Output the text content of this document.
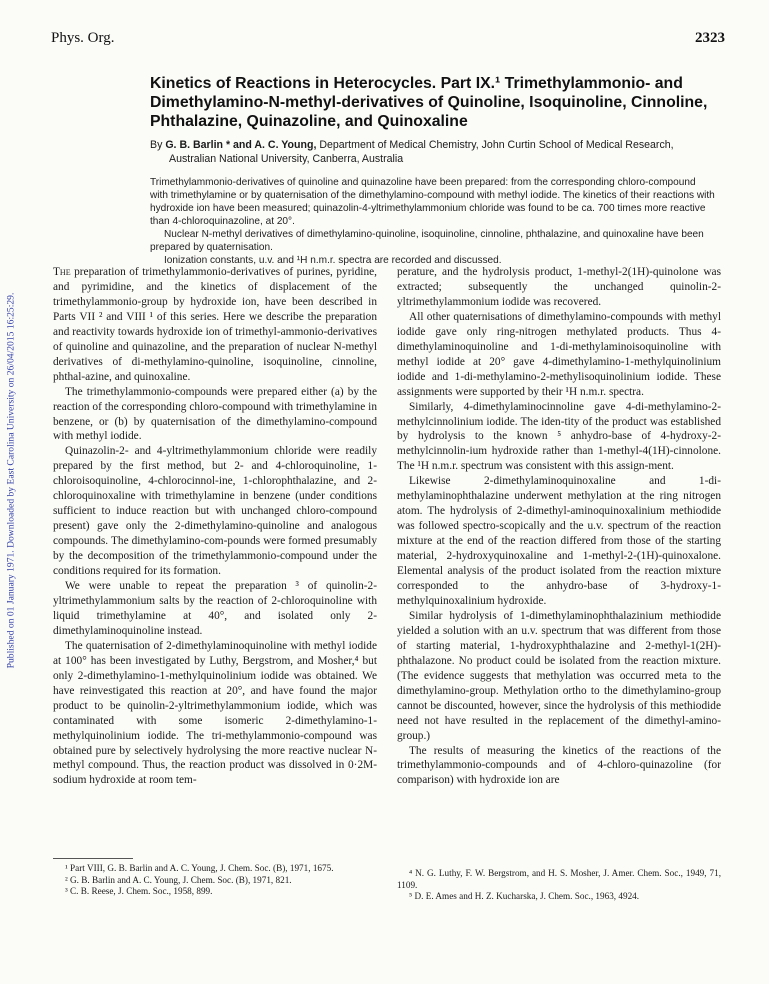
Phys. Org.	2323
Published on 01 January 1971. Downloaded by East Carolina University on 26/04/2015 16:25:29.
Kinetics of Reactions in Heterocycles. Part IX.¹ Trimethylammonio- and Dimethylamino-N-methyl-derivatives of Quinoline, Isoquinoline, Cinnoline, Phthalazine, Quinazoline, and Quinoxaline
By G. B. Barlin * and A. C. Young, Department of Medical Chemistry, John Curtin School of Medical Research,
Australian National University, Canberra, Australia

Trimethylammonio-derivatives of quinoline and quinazoline have been prepared: from the corresponding chloro-compound with trimethylamine or by quaternisation of the dimethylamino-compound with methyl iodide. The kinetics of their reactions with hydroxide ion have been measured; quinazolin-4-yltrimethylammonium chloride was found to be ca. 700 times more reactive than 4-chloroquinazoline, at 20°.

Nuclear N-methyl derivatives of dimethylamino-quinoline, isoquinoline, cinnoline, phthalazine, and quinoxaline have been prepared by quaternisation.

Ionization constants, u.v. and ¹H n.m.r. spectra are recorded and discussed.

The preparation of trimethylammonio-derivatives of purines, pyridine, and pyrimidine, and the kinetics of displacement of the trimethylammonio-group by hydroxide ion, have been described in Parts VII ² and VIII ¹ of this series. Here we describe the preparation and reactivity towards hydroxide ion of trimethyl-ammonio-derivatives of quinoline and quinazoline, and the preparation of nuclear N-methyl derivatives of di-methylamino-quinoline, isoquinoline, cinnoline, phthal-azine, and quinoxaline.

The trimethylammonio-compounds were prepared either (a) by the reaction of the corresponding chloro-compound with trimethylamine in benzene, or (b) by quaternisation of the dimethylamino-compound with methyl iodide.

Quinazolin-2- and 4-yltrimethylammonium chloride were readily prepared by the first method, but 2- and 4-chloroquinoline, 1-chloroisoquinoline, 4-chlorocinnol-ine, 1-chlorophthalazine, and 2-chloroquinoxaline with trimethylamine in benzene (under conditions sufficient to induce reaction but with unchanged chloro-compound present) gave only the 2-dimethylamino-quinoline and analogous compounds. The dimethylamino-com-pounds were formed presumably by the decomposition of the trimethylammonio-compound under the conditions required for its formation.

We were unable to repeat the preparation ³ of quinolin-2-yltrimethylammonium salts by the reaction of 2-chloroquinoline with liquid trimethylamine at 40°, and isolated only 2-dimethylaminoquinoline instead.

The quaternisation of 2-dimethylaminoquinoline with methyl iodide at 100° has been investigated by Luthy, Bergstrom, and Mosher,⁴ but only 2-dimethylamino-1-methylquinolinium iodide was obtained. We have reinvestigated this reaction at 20°, and have found the major product to be quinolin-2-yltrimethylammonium iodide, which was contaminated with some isomeric 2-dimethylamino-1-methylquinolinium iodide. The tri-methylammonio-compound was obtained pure by selectively hydrolysing the more reactive nuclear N-methyl compound. Thus, the reaction product was dissolved in 0·2M-sodium hydroxide at room tem-

perature, and the hydrolysis product, 1-methyl-2(1H)-quinolone was extracted; subsequently the unchanged quinolin-2-yltrimethylammonium iodide was recovered.

All other quaternisations of dimethylamino-compounds with methyl iodide gave only ring-nitrogen methylated products. Thus 4-dimethylaminoquinoline and 1-di-methylaminoisoquinoline with methyl iodide at 20° gave 4-dimethylamino-1-methylquinolinium iodide and 1-di-methylamino-2-methylisoquinolinium iodide. These assignments were supported by their ¹H n.m.r. spectra.

Similarly, 4-dimethylaminocinnoline gave 4-di-methylamino-2-methylcinnolinium iodide. The iden-tity of the product was established by hydrolysis to the known ⁵ anhydro-base of 4-hydroxy-2-methylcinnolin-ium hydroxide rather than 1-methyl-4(1H)-cinnolone. The ¹H n.m.r. spectrum was consistent with this assign-ment.

Likewise 2-dimethylaminoquinoxaline and 1-di-methylaminophthalazine underwent methylation at the ring nitrogen atom. The hydrolysis of 2-dimethyl-aminoquinoxalinium methiodide was followed spectro-scopically and the u.v. spectrum of the reaction mixture at the end of the reaction differed from those of the starting material, 2-hydroxyquinoxaline and 1-methyl-2-(1H)-quinoxalone. Elemental analysis of the product isolated from the reaction mixture corresponded to the anhydro-base of 3-hydroxy-1-methylquinoxalinium hydroxide.

Similar hydrolysis of 1-dimethylaminophthalazinium methiodide yielded a solution with an u.v. spectrum that was different from those of starting material, 1-hydroxyphthalazine and 2-methyl-1(2H)-phthalazone. No product could be isolated from the reaction mixture. (The evidence suggests that methylation was occurred meta to the dimethylamino-group. Methylation ortho to the dimethylamino-group cannot be discounted, however, since the hydrolysis of this methiodide need not have resulted in the replacement of the dimethyl-amino-group.)

The results of measuring the kinetics of the reactions of the trimethylammonio-compounds and of 4-chloro-quinazoline (for comparison) with hydroxide ion are

¹ Part VIII, G. B. Barlin and A. C. Young, J. Chem. Soc. (B), 1971, 1675.

² G. B. Barlin and A. C. Young, J. Chem. Soc. (B), 1971, 821.

³ C. B. Reese, J. Chem. Soc., 1958, 899.

⁴ N. G. Luthy, F. W. Bergstrom, and H. S. Mosher, J. Amer. Chem. Soc., 1949, 71, 1109.

⁵ D. E. Ames and H. Z. Kucharska, J. Chem. Soc., 1963, 4924.
